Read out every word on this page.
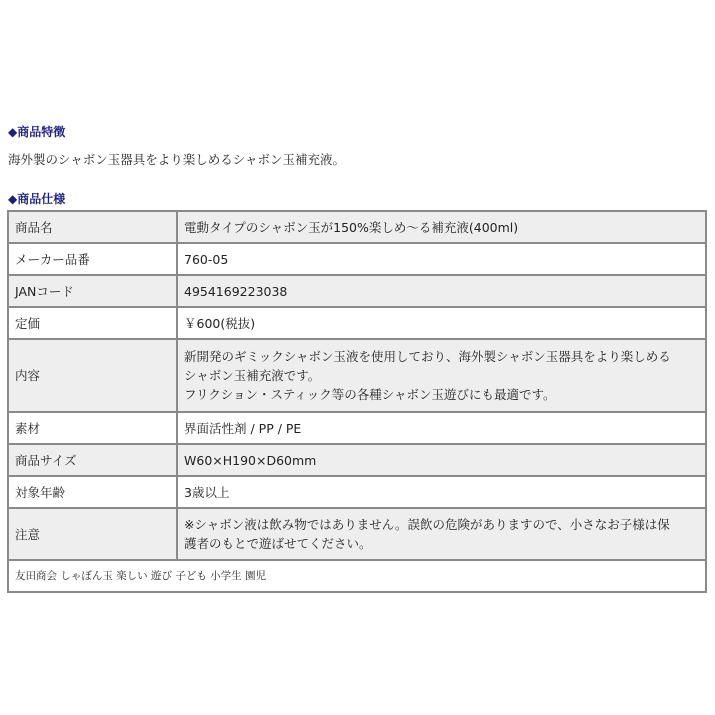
◆商品特徴
海外製のシャボン玉器具をより楽しめるシャボン玉補充液。
◆商品仕様
商品名	電動タイプのシャボン玉が150%楽しめ～る補充液(400ml)
メーカー品番	760-05
JANコード	4954169223038
定価	￥600(税抜)
内容	新開発のギミックシャボン玉液を使用しており、海外製シャボン玉器具をより楽しめる
シャボン玉補充液です。
フリクション・スティック等の各種シャボン玉遊びにも最適です。

素材	界面活性剤 / PP / PE
商品サイズ	W60×H190×D60mm
対象年齢	3歳以上
注意	※シャボン液は飲み物ではありません。誤飲の危険がありますので、小さなお子様は保
護者のもとで遊ばせてください。

友田商会 しゃぼん玉 楽しい 遊び 子ども 小学生 園児	
